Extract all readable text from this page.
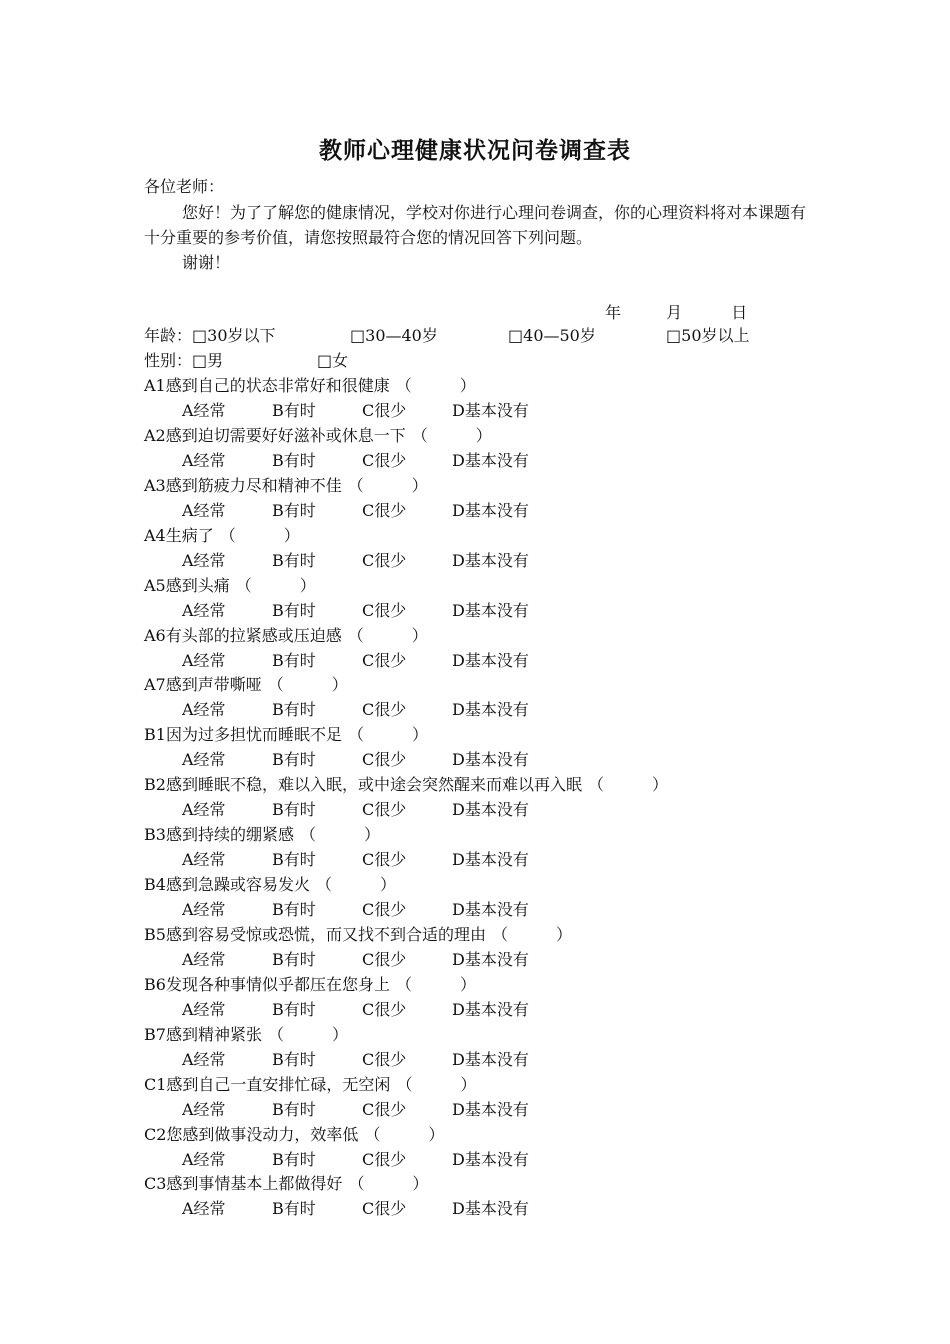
教师心理健康状况问卷调查表
各位老师：
您好！为了了解您的健康情况，学校对你进行心理问卷调查，你的心理资料将对本课题有十分重要的参考价值，请您按照最符合您的情况回答下列问题。
谢谢！
年	月	日
年龄：□30岁以下	□30—40岁	□40—50岁	□50岁以上
性别：□男	□女
A1感到自己的状态非常好和很健康 （	）
A经常	B有时	C很少	D基本没有
A2感到迫切需要好好滋补或休息一下 （	）
A经常	B有时	C很少	D基本没有
A3感到筋疲力尽和精神不佳 （	）
A经常	B有时	C很少	D基本没有
A4生病了 （	）
A经常	B有时	C很少	D基本没有
A5感到头痛 （	）
A经常	B有时	C很少	D基本没有
A6有头部的拉紧感或压迫感 （	）
A经常	B有时	C很少	D基本没有
A7感到声带嘶哑 （	）
A经常	B有时	C很少	D基本没有
B1因为过多担忧而睡眠不足 （	）
A经常	B有时	C很少	D基本没有
B2感到睡眠不稳，难以入眠，或中途会突然醒来而难以再入眠 （	）
A经常	B有时	C很少	D基本没有
B3感到持续的绷紧感 （	）
A经常	B有时	C很少	D基本没有
B4感到急躁或容易发火 （	）
A经常	B有时	C很少	D基本没有
B5感到容易受惊或恐慌，而又找不到合适的理由 （	）
A经常	B有时	C很少	D基本没有
B6发现各种事情似乎都压在您身上 （	）
A经常	B有时	C很少	D基本没有
B7感到精神紧张 （	）
A经常	B有时	C很少	D基本没有
C1感到自己一直安排忙碌，无空闲 （	）
A经常	B有时	C很少	D基本没有
C2您感到做事没动力，效率低 （	）
A经常	B有时	C很少	D基本没有
C3感到事情基本上都做得好 （	）
A经常	B有时	C很少	D基本没有
